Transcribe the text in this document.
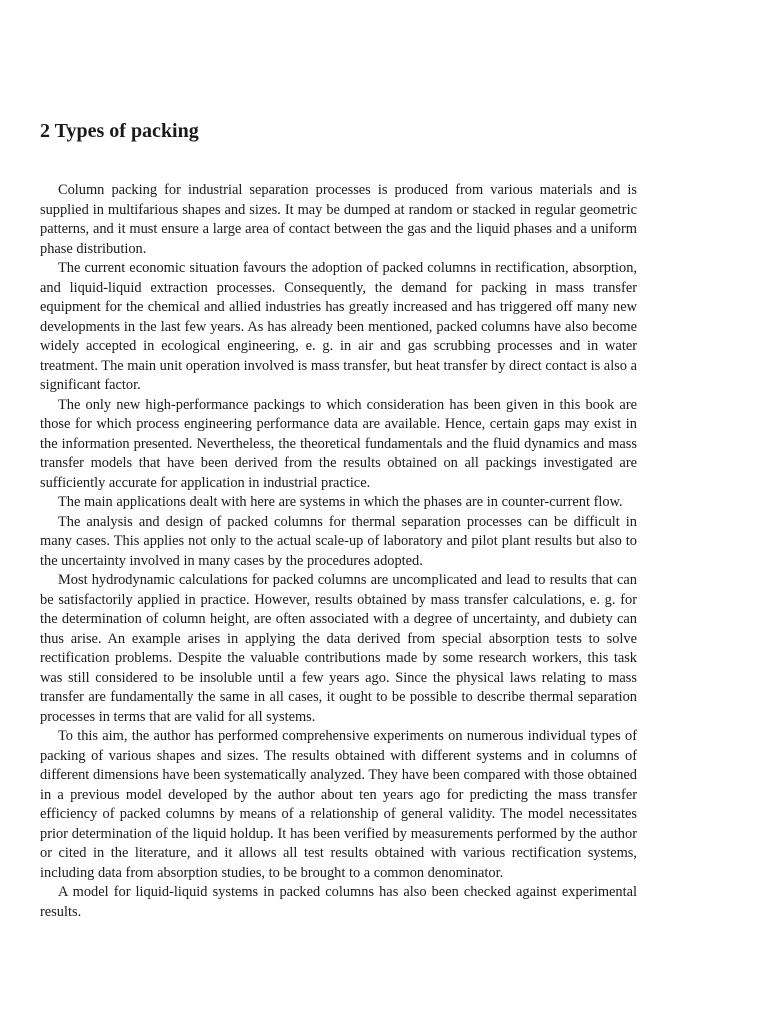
2 Types of packing

Column packing for industrial separation processes is produced from various materials and is supplied in multifarious shapes and sizes. It may be dumped at random or stacked in regular geometric patterns, and it must ensure a large area of contact between the gas and the liquid phases and a uniform phase distribution.

The current economic situation favours the adoption of packed columns in rectification, absorption, and liquid-liquid extraction processes. Consequently, the demand for packing in mass transfer equipment for the chemical and allied industries has greatly increased and has triggered off many new developments in the last few years. As has already been mentioned, packed columns have also become widely accepted in ecological engineering, e. g. in air and gas scrubbing processes and in water treatment. The main unit operation involved is mass transfer, but heat transfer by direct contact is also a significant factor.

The only new high-performance packings to which consideration has been given in this book are those for which process engineering performance data are available. Hence, certain gaps may exist in the information presented. Nevertheless, the theoretical fundamentals and the fluid dynamics and mass transfer models that have been derived from the results obtained on all packings investigated are sufficiently accurate for application in industrial practice.

The main applications dealt with here are systems in which the phases are in counter-current flow.

The analysis and design of packed columns for thermal separation processes can be difficult in many cases. This applies not only to the actual scale-up of laboratory and pilot plant results but also to the uncertainty involved in many cases by the procedures adopted.

Most hydrodynamic calculations for packed columns are uncomplicated and lead to results that can be satisfactorily applied in practice. However, results obtained by mass transfer calculations, e. g. for the determination of column height, are often associated with a degree of uncertainty, and dubiety can thus arise. An example arises in applying the data derived from special absorption tests to solve rectification problems. Despite the valuable contributions made by some research workers, this task was still considered to be insoluble until a few years ago. Since the physical laws relating to mass transfer are fundamentally the same in all cases, it ought to be possible to describe thermal separation processes in terms that are valid for all systems.

To this aim, the author has performed comprehensive experiments on numerous individual types of packing of various shapes and sizes. The results obtained with different systems and in columns of different dimensions have been systematically analyzed. They have been compared with those obtained in a previous model developed by the author about ten years ago for predicting the mass transfer efficiency of packed columns by means of a relationship of general validity. The model necessitates prior determination of the liquid holdup. It has been verified by measurements performed by the author or cited in the literature, and it allows all test results obtained with various rectification systems, including data from absorption studies, to be brought to a common denominator.

A model for liquid-liquid systems in packed columns has also been checked against experimental results.
